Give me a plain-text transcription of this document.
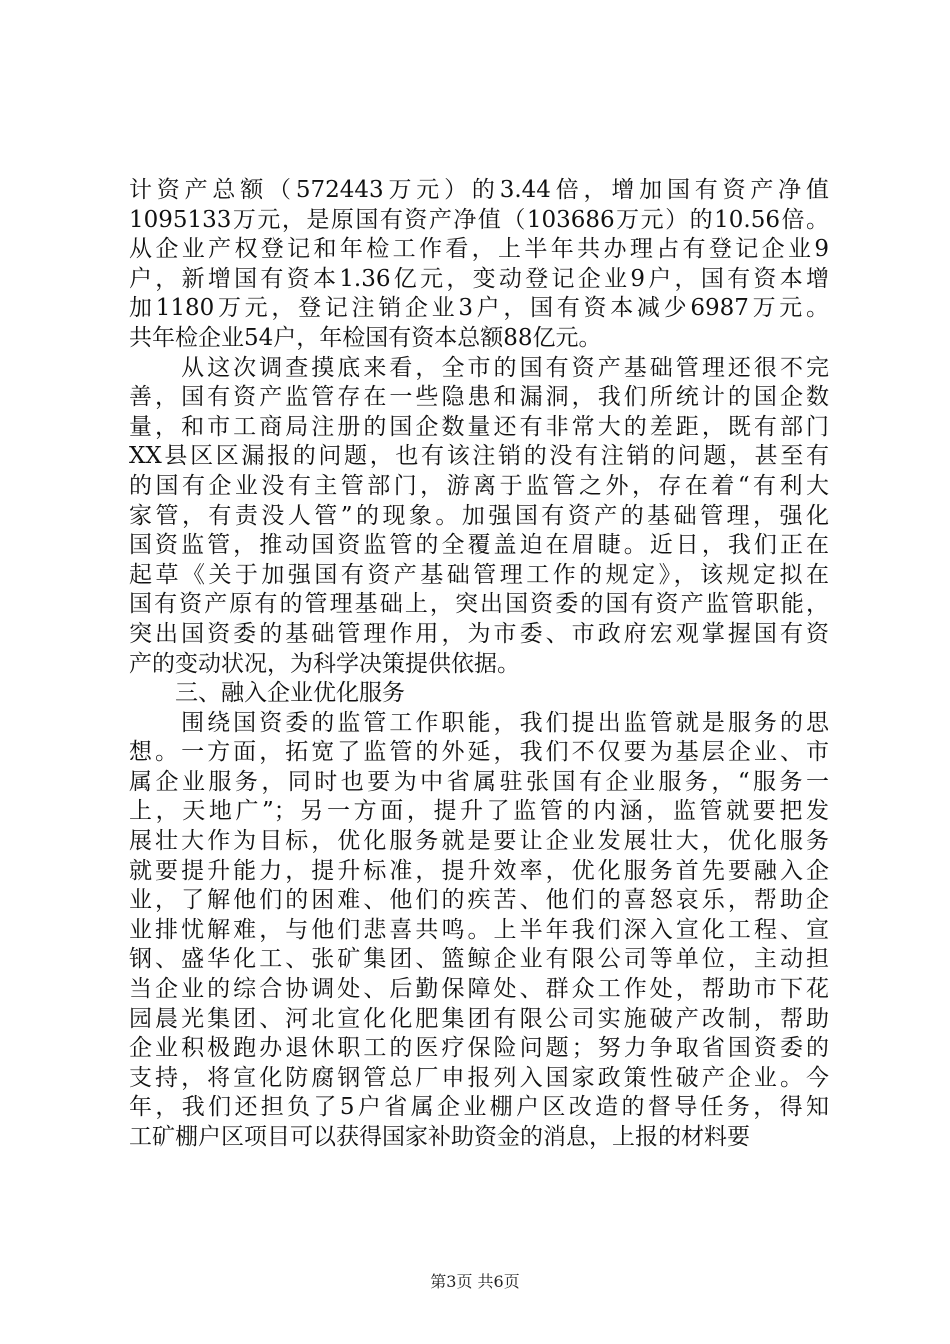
计资产总额（572443万元）的3.44倍，增加国有资产净值
1095133万元，是原国有资产净值（103686万元）的10.56倍。
从企业产权登记和年检工作看，上半年共办理占有登记企业9
户，新增国有资本1.36亿元，变动登记企业9户，国有资本增
加1180万元，登记注销企业3户，国有资本减少6987万元。
共年检企业54户，年检国有资本总额88亿元。
　　从这次调查摸底来看，全市的国有资产基础管理还很不完
善，国有资产监管存在一些隐患和漏洞，我们所统计的国企数
量，和市工商局注册的国企数量还有非常大的差距，既有部门
XX县区区漏报的问题，也有该注销的没有注销的问题，甚至有
的国有企业没有主管部门，游离于监管之外，存在着“有利大
家管，有责没人管”的现象。加强国有资产的基础管理，强化
国资监管，推动国资监管的全覆盖迫在眉睫。近日，我们正在
起草《关于加强国有资产基础管理工作的规定》，该规定拟在
国有资产原有的管理基础上，突出国资委的国有资产监管职能，
突出国资委的基础管理作用，为市委、市政府宏观掌握国有资
产的变动状况，为科学决策提供依据。
　　三、融入企业优化服务
　　围绕国资委的监管工作职能，我们提出监管就是服务的思
想。一方面，拓宽了监管的外延，我们不仅要为基层企业、市
属企业服务，同时也要为中省属驻张国有企业服务，“服务一
上，天地广”；另一方面，提升了监管的内涵，监管就要把发
展壮大作为目标，优化服务就是要让企业发展壮大，优化服务
就要提升能力，提升标准，提升效率，优化服务首先要融入企
业，了解他们的困难、他们的疾苦、他们的喜怒哀乐，帮助企
业排忧解难，与他们悲喜共鸣。上半年我们深入宣化工程、宣
钢、盛华化工、张矿集团、篮鲸企业有限公司等单位，主动担
当企业的综合协调处、后勤保障处、群众工作处，帮助市下花
园晨光集团、河北宣化化肥集团有限公司实施破产改制，帮助
企业积极跑办退休职工的医疗保险问题；努力争取省国资委的
支持，将宣化防腐钢管总厂申报列入国家政策性破产企业。今
年，我们还担负了5户省属企业棚户区改造的督导任务，得知
工矿棚户区项目可以获得国家补助资金的消息，上报的材料要
第3页 共6页
